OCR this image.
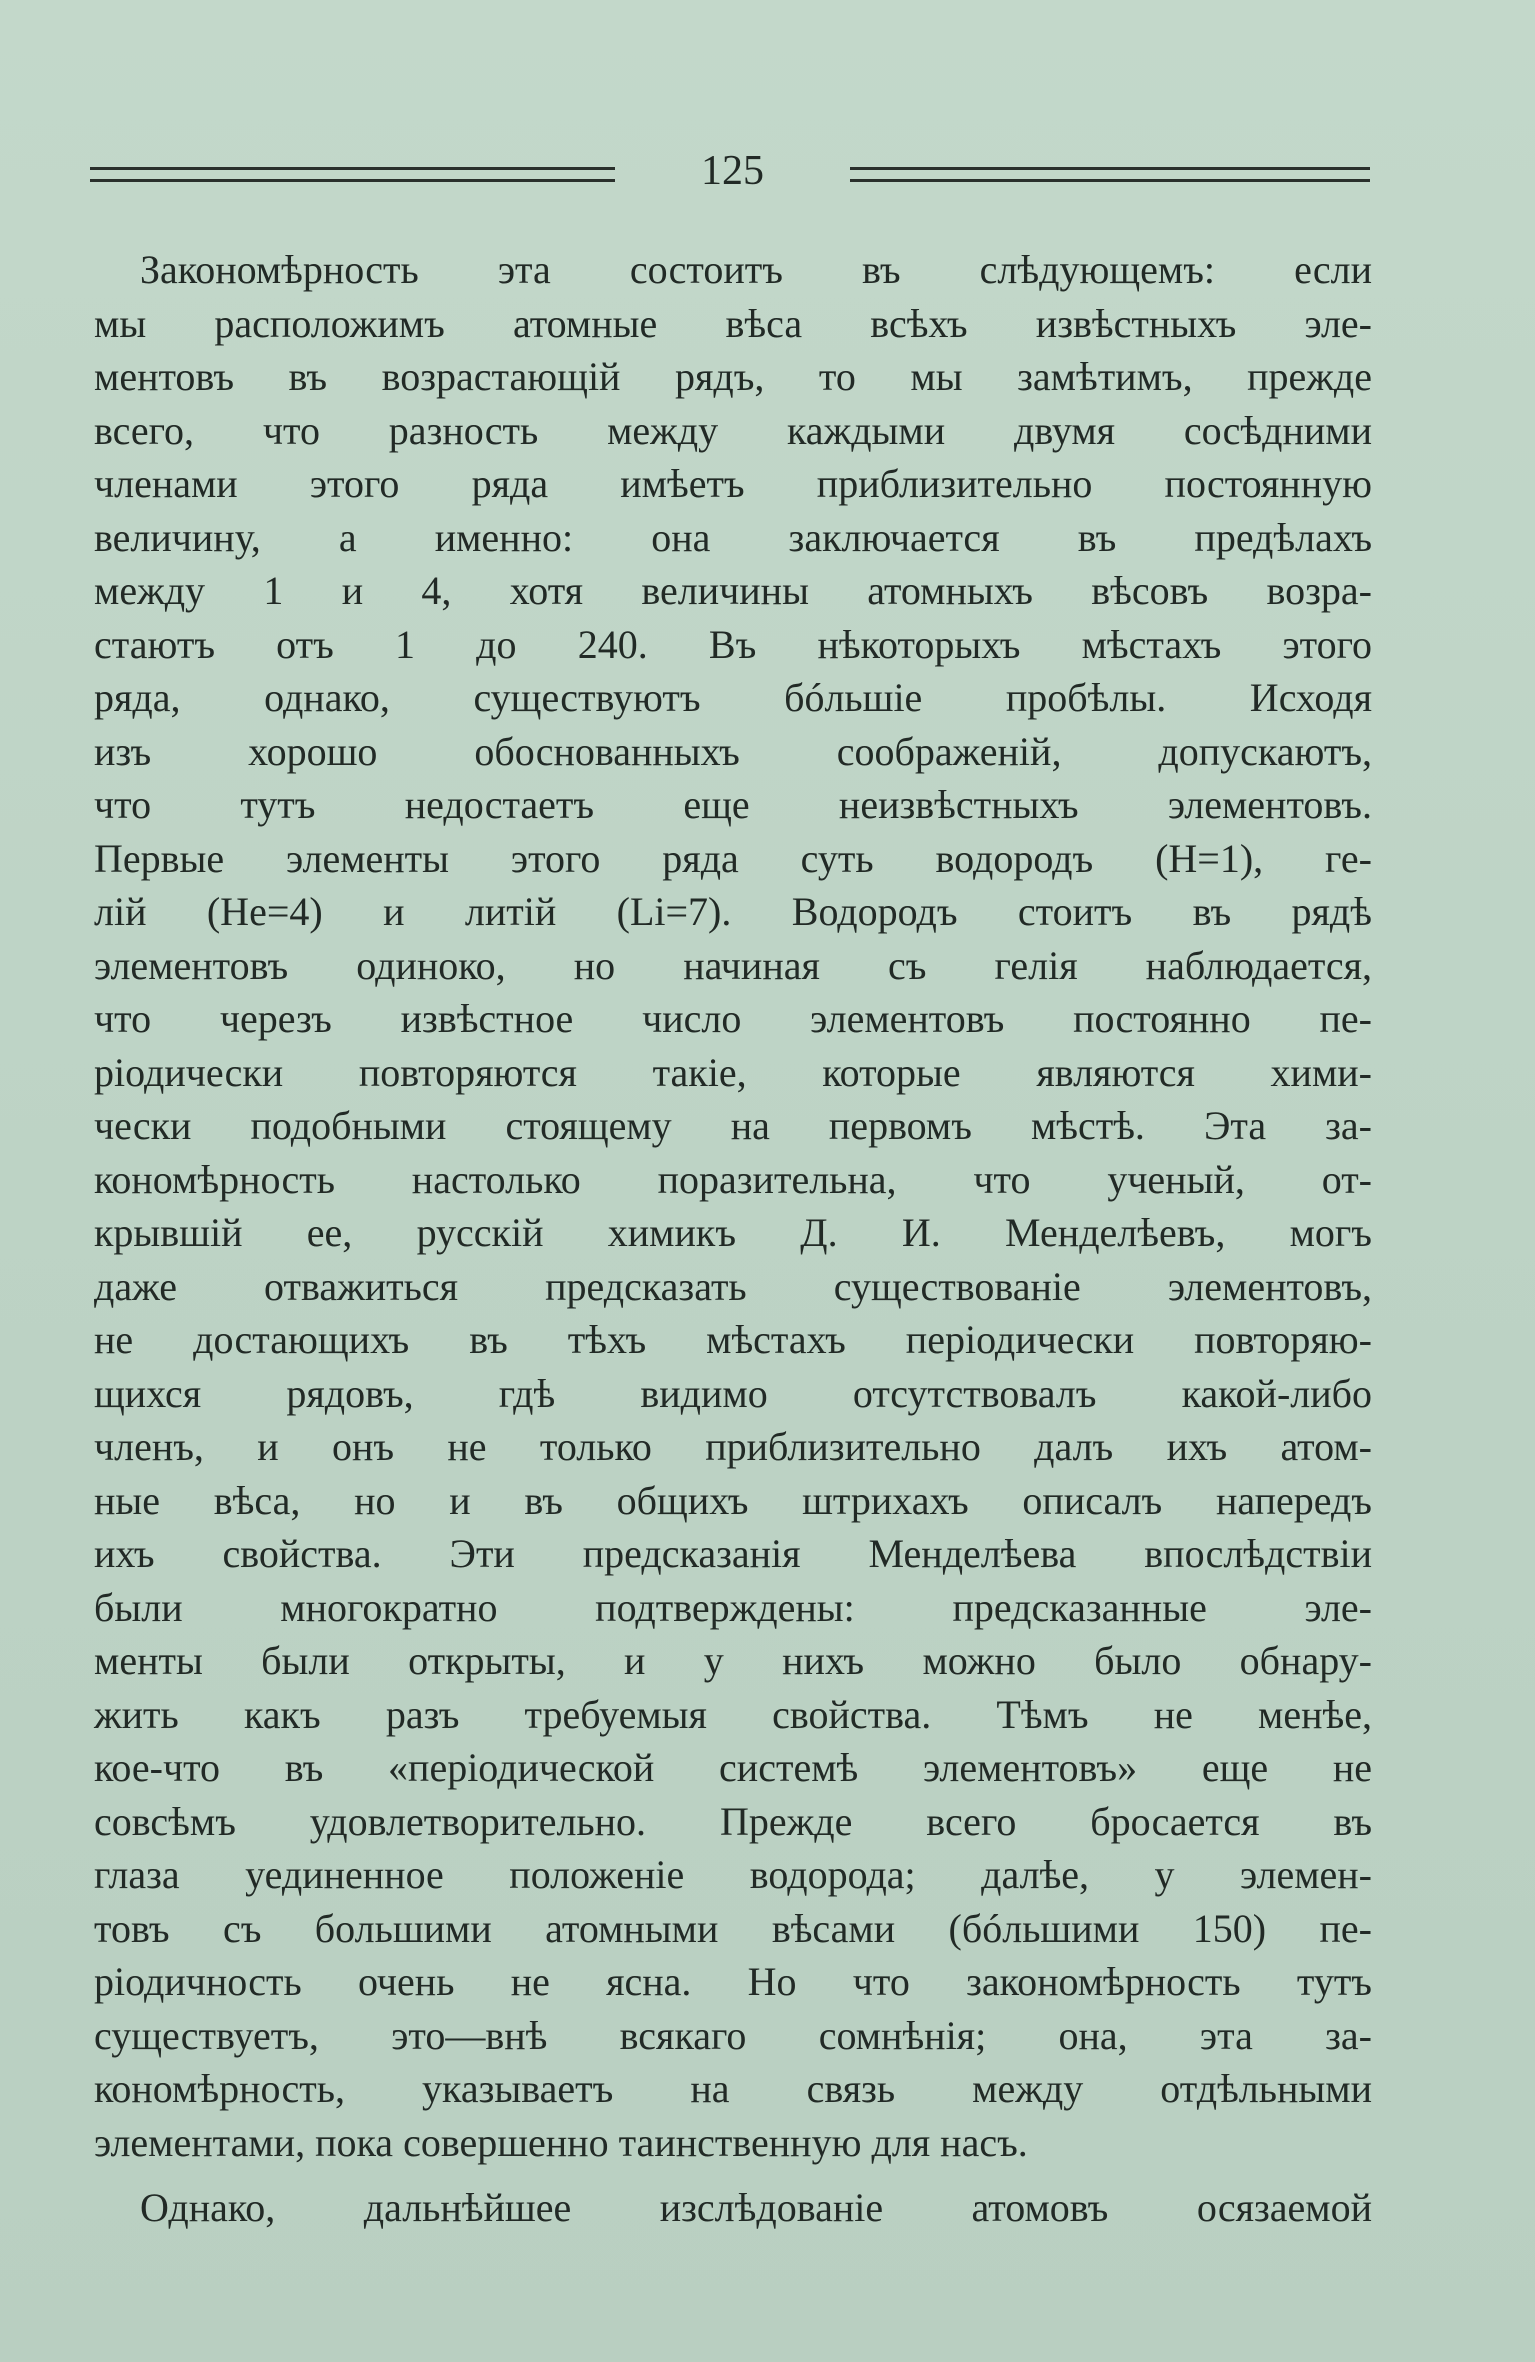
125
Закономѣрность эта состоитъ въ слѣдующемъ: если
мы расположимъ атомные вѣса всѣхъ извѣстныхъ эле-
ментовъ въ возрастающій рядъ, то мы замѣтимъ, прежде
всего, что разность между каждыми двумя сосѣдними
членами этого ряда имѣетъ приблизительно постоянную
величину, а именно: она заключается въ предѣлахъ
между 1 и 4, хотя величины атомныхъ вѣсовъ возра-
стаютъ отъ 1 до 240. Въ нѣкоторыхъ мѣстахъ этого
ряда, однако, существуютъ бóльшіе пробѣлы. Исходя
изъ хорошо обоснованныхъ соображеній, допускаютъ,
что тутъ недостаетъ еще неизвѣстныхъ элементовъ.
Первые элементы этого ряда суть водородъ (H=1), ге-
лій (He=4) и литій (Li=7). Водородъ стоитъ въ рядѣ
элементовъ одиноко, но начиная съ гелія наблюдается,
что черезъ извѣстное число элементовъ постоянно пе-
ріодически повторяются такіе, которые являются хими-
чески подобными стоящему на первомъ мѣстѣ. Эта за-
кономѣрность настолько поразительна, что ученый, от-
крывшій ее, русскій химикъ Д. И. Менделѣевъ, могъ
даже отважиться предсказать существованіе элементовъ,
не достающихъ въ тѣхъ мѣстахъ періодически повторяю-
щихся рядовъ, гдѣ видимо отсутствовалъ какой-либо
членъ, и онъ не только приблизительно далъ ихъ атом-
ные вѣса, но и въ общихъ штрихахъ описалъ напередъ
ихъ свойства. Эти предсказанія Менделѣева впослѣдствіи
были многократно подтверждены: предсказанные эле-
менты были открыты, и у нихъ можно было обнару-
жить какъ разъ требуемыя свойства. Тѣмъ не менѣе,
кое-что въ «періодической системѣ элементовъ» еще не
совсѣмъ удовлетворительно. Прежде всего бросается въ
глаза уединенное положеніе водорода; далѣе, у элемен-
товъ съ большими атомными вѣсами (бóльшими 150) пе-
ріодичность очень не ясна. Но что закономѣрность тутъ
существуетъ, это—внѣ всякаго сомнѣнія; она, эта за-
кономѣрность, указываетъ на связь между отдѣльными
элементами, пока совершенно таинственную для насъ.
Однако, дальнѣйшее изслѣдованіе атомовъ осязаемой
